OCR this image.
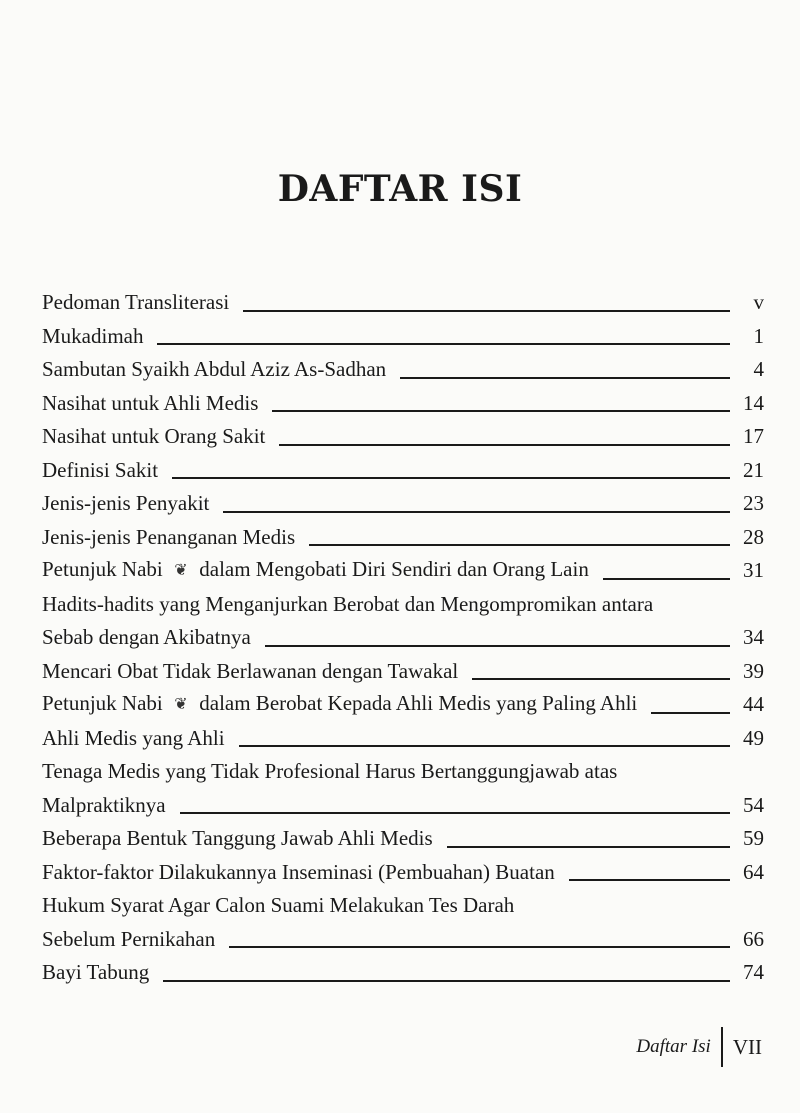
DAFTAR ISI
Pedoman Transliterasi	v
Mukadimah	1
Sambutan Syaikh Abdul Aziz As-Sadhan	4
Nasihat untuk Ahli Medis	14
Nasihat untuk Orang Sakit	17
Definisi Sakit	21
Jenis-jenis Penyakit	23
Jenis-jenis Penanganan Medis	28
Petunjuk Nabi ❦ dalam Mengobati Diri Sendiri dan Orang Lain	31
Hadits-hadits yang Menganjurkan Berobat dan Mengompromikan antara
Sebab dengan Akibatnya	34
Mencari Obat Tidak Berlawanan dengan Tawakal	39
Petunjuk Nabi ❦ dalam Berobat Kepada Ahli Medis yang Paling Ahli	44
Ahli Medis yang Ahli	49
Tenaga Medis yang Tidak Profesional Harus Bertanggungjawab atas
Malpraktiknya	54
Beberapa Bentuk Tanggung Jawab Ahli Medis	59
Faktor-faktor Dilakukannya Inseminasi (Pembuahan) Buatan	64
Hukum Syarat Agar Calon Suami Melakukan Tes Darah
Sebelum Pernikahan	66
Bayi Tabung	74
Daftar Isi VII
